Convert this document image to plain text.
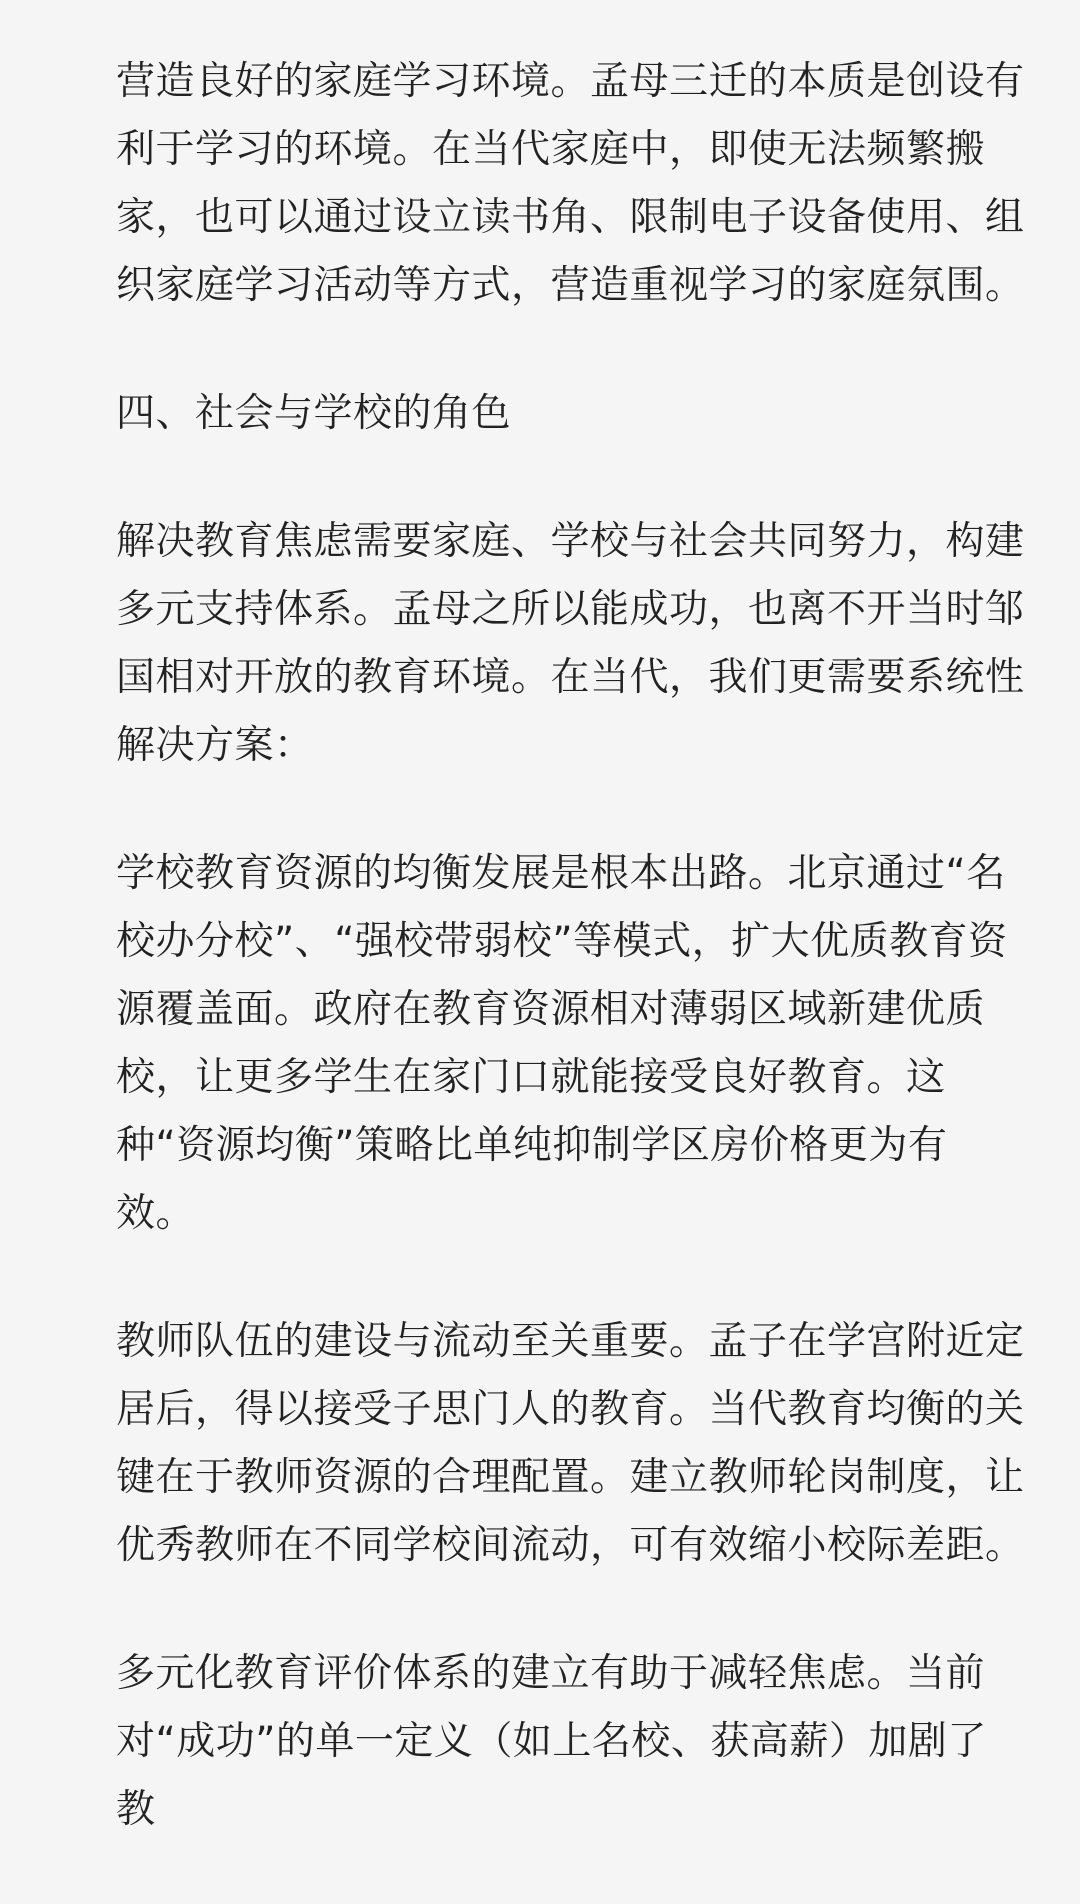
营造良好的家庭学习环境。孟母三迁的本质是创设有利于学习的环境。在当代家庭中，即使无法频繁搬家，也可以通过设立读书角、限制电子设备使用、组织家庭学习活动等方式，营造重视学习的家庭氛围。

四、社会与学校的角色

解决教育焦虑需要家庭、学校与社会共同努力，构建多元支持体系。孟母之所以能成功，也离不开当时邹国相对开放的教育环境。在当代，我们更需要系统性解决方案：

学校教育资源的均衡发展是根本出路。北京通过“名校办分校”、“强校带弱校”等模式，扩大优质教育资源覆盖面。政府在教育资源相对薄弱区域新建优质校，让更多学生在家门口就能接受良好教育。这种“资源均衡”策略比单纯抑制学区房价格更为有效。

教师队伍的建设与流动至关重要。孟子在学宫附近定居后，得以接受子思门人的教育。当代教育均衡的关键在于教师资源的合理配置。建立教师轮岗制度，让优秀教师在不同学校间流动，可有效缩小校际差距。

多元化教育评价体系的建立有助于减轻焦虑。当前对“成功”的单一定义（如上名校、获高薪）加剧了教
